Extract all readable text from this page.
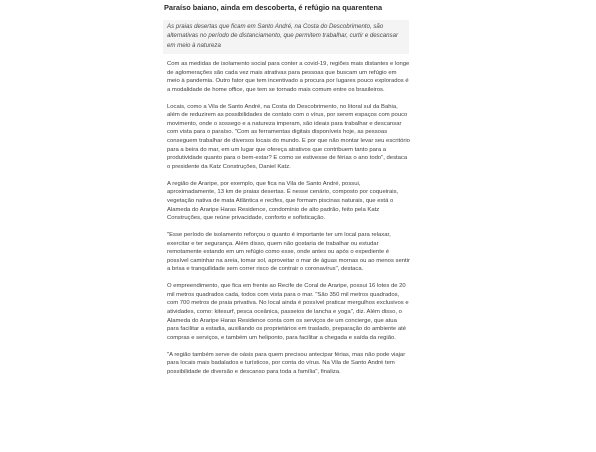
Paraíso baiano, ainda em descoberta, é refúgio na quarentena

As praias desertas que ficam em Santo André, na Costa do Descobrimento, são alternativas no período de distanciamento, que permitem trabalhar, curtir e descansar em meio à natureza

Com as medidas de isolamento social para conter a covid-19, regiões mais distantes e longe de aglomerações são cada vez mais atrativas para pessoas que buscam um refúgio em meio à pandemia. Outro fator que tem incentivado a procura por lugares pouco explorados é a modalidade de home office, que tem se tornado mais comum entre os brasileiros.

Locais, como a Vila de Santo André, na Costa do Descobrimento, no litoral sul da Bahia, além de reduzirem as possibilidades de contato com o vírus, por serem espaços com pouco movimento, onde o sossego e a natureza imperam, são ideais para trabalhar e descansar com vista para o paraíso. "Com as ferramentas digitais disponíveis hoje, as pessoas conseguem trabalhar de diversos locais do mundo. E por que não montar levar seu escritório para a beira do mar, em um lugar que ofereça atrativos que contribuem tanto para a produtividade quanto para o bem-estar? E como se estivesse de férias o ano todo", destaca o presidente da Katz Construções, Daniel Katz.

A região de Araripe, por exemplo, que fica na Vila de Santo André, possui, aproximadamente, 13 km de praias desertas. É nesse cenário, composto por coqueirais, vegetação nativa de mata Atlântica e recifes, que formam piscinas naturais, que está o Alameda do Araripe Haras Residence, condomínio de alto padrão, feito pela Katz Construções, que reúne privacidade, conforto e sofisticação.

"Esse período de isolamento reforçou o quanto é importante ter um local para relaxar, exercitar e ter segurança. Além disso, quem não gostaria de trabalhar ou estudar remotamente estando em um refúgio como esse, onde antes ou após o expediente é possível caminhar na areia, tomar sol, aproveitar o mar de águas mornas ou ao menos sentir a brisa e tranquilidade sem correr risco de contrair o coronavírus", destaca.

O empreendimento, que fica em frente ao Recife de Coral de Araripe, possui 16 lotes de 20 mil metros quadrados cada, todos com vista para o mar. "São 350 mil metros quadrados, com 700 metros de praia privativa. No local ainda é possível praticar mergulhos exclusivos e atividades, como: kitesurf, pesca oceânica, passeios de lancha e yoga", diz. Além disso, o Alameda do Araripe Haras Residence conta com os serviços de um concierge, que atua para facilitar a estadia, auxiliando os proprietários em traslado, preparação do ambiente até compras e serviços, e também um heliponto, para facilitar a chegada e saída da região.

"A região também serve de oásis para quem precisou antecipar férias, mas não pode viajar para locais mais badalados e turísticos, por conta do vírus. Na Vila de Santo André tem possibilidade de diversão e descanso para toda a família", finaliza.
